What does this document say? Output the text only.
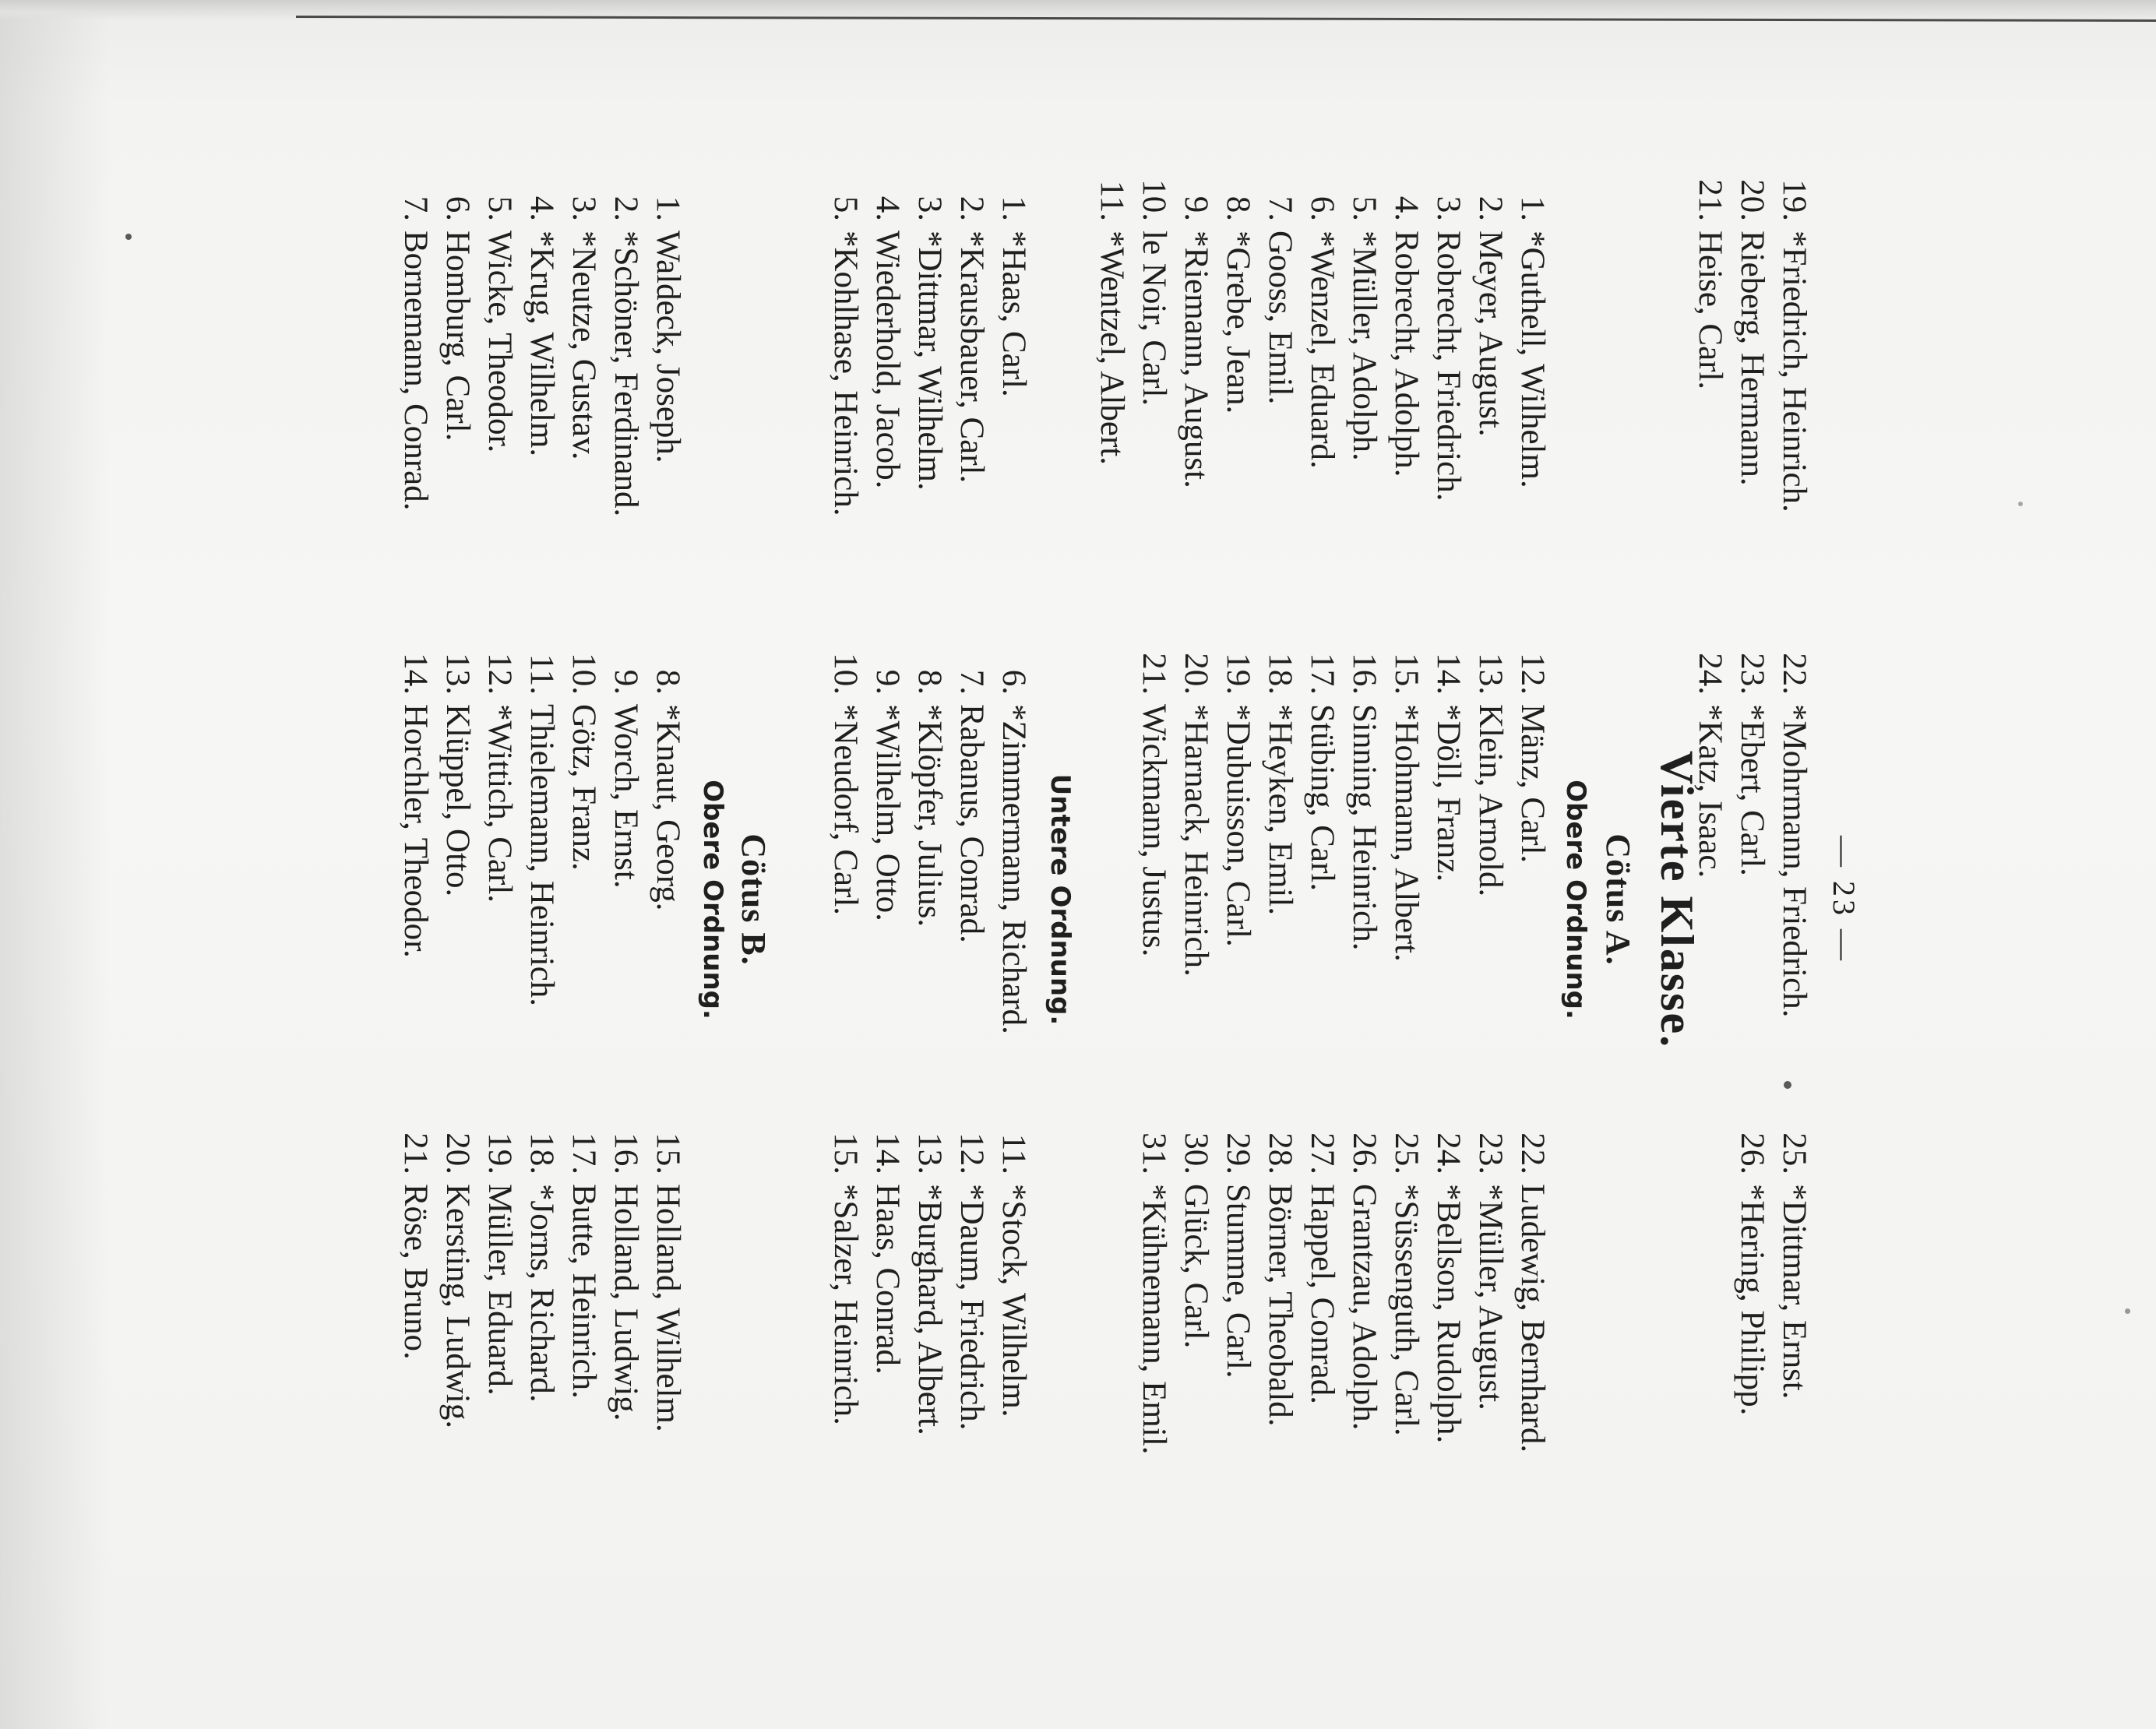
— 23 —
19.
*Friedrich, Heinrich.
20.
Rieberg, Hermann.
21.
Heise, Carl.
22.
*Mohrmann, Friedrich.
23.
*Ebert, Carl.
24.
*Katz, Isaac.
25.
*Dittmar, Ernst.
26.
*Hering, Philipp.
Vierte Klasse.
Cötus A.
Obere Ordnung.
1.
*Guthell, Wilhelm.
2.
Meyer, August.
3.
Robrecht, Friedrich.
4.
Robrecht, Adolph.
5.
*Müller, Adolph.
6.
*Wenzel, Eduard.
7.
Gooss, Emil.
8.
*Grebe, Jean.
9.
*Riemann, August.
10.
le Noir, Carl.
11.
*Wentzel, Albert.
12.
Mänz, Carl.
13.
Klein, Arnold.
14.
*Döll, Franz.
15.
*Hohmann, Albert.
16.
Sinning, Heinrich.
17.
Stübing, Carl.
18.
*Heyken, Emil.
19.
*Dubuisson, Carl.
20.
*Harnack, Heinrich.
21.
Wickmann, Justus.
22.
Ludewig, Bernhard.
23.
*Müller, August.
24.
*Bellson, Rudolph.
25.
*Süssenguth, Carl.
26.
Grantzau, Adolph.
27.
Happel, Conrad.
28.
Börner, Theobald.
29.
Stumme, Carl.
30.
Glück, Carl.
31.
*Kühnemann, Emil.
Untere Ordnung.
1.
*Haas, Carl.
2.
*Krausbauer, Carl.
3.
*Dittmar, Wilhelm.
4.
Wiederhold, Jacob.
5.
*Kohlhase, Heinrich.
6.
*Zimmermann, Richard.
7.
Rabanus, Conrad.
8.
*Klöpfer, Julius.
9.
*Wilhelm, Otto.
10.
*Neudorf, Carl.
11.
*Stock, Wilhelm.
12.
*Daum, Friedrich.
13.
*Burghard, Albert.
14.
Haas, Conrad.
15.
*Salzer, Heinrich.
Cötus B.
Obere Ordnung.
1.
Waldeck, Joseph.
2.
*Schöner, Ferdinand.
3.
*Neutze, Gustav.
4.
*Krug, Wilhelm.
5.
Wicke, Theodor.
6.
Homburg, Carl.
7.
Bornemann, Conrad.
8.
*Knaut, Georg.
9.
Worch, Ernst.
10.
Götz, Franz.
11.
Thielemann, Heinrich.
12.
*Wittich, Carl.
13.
Klüppel, Otto.
14.
Horchler, Theodor.
15.
Holland, Wilhelm.
16.
Holland, Ludwig.
17.
Butte, Heinrich.
18.
*Jorns, Richard.
19.
Müller, Eduard.
20.
Kersting, Ludwig.
21.
Röse, Bruno.
